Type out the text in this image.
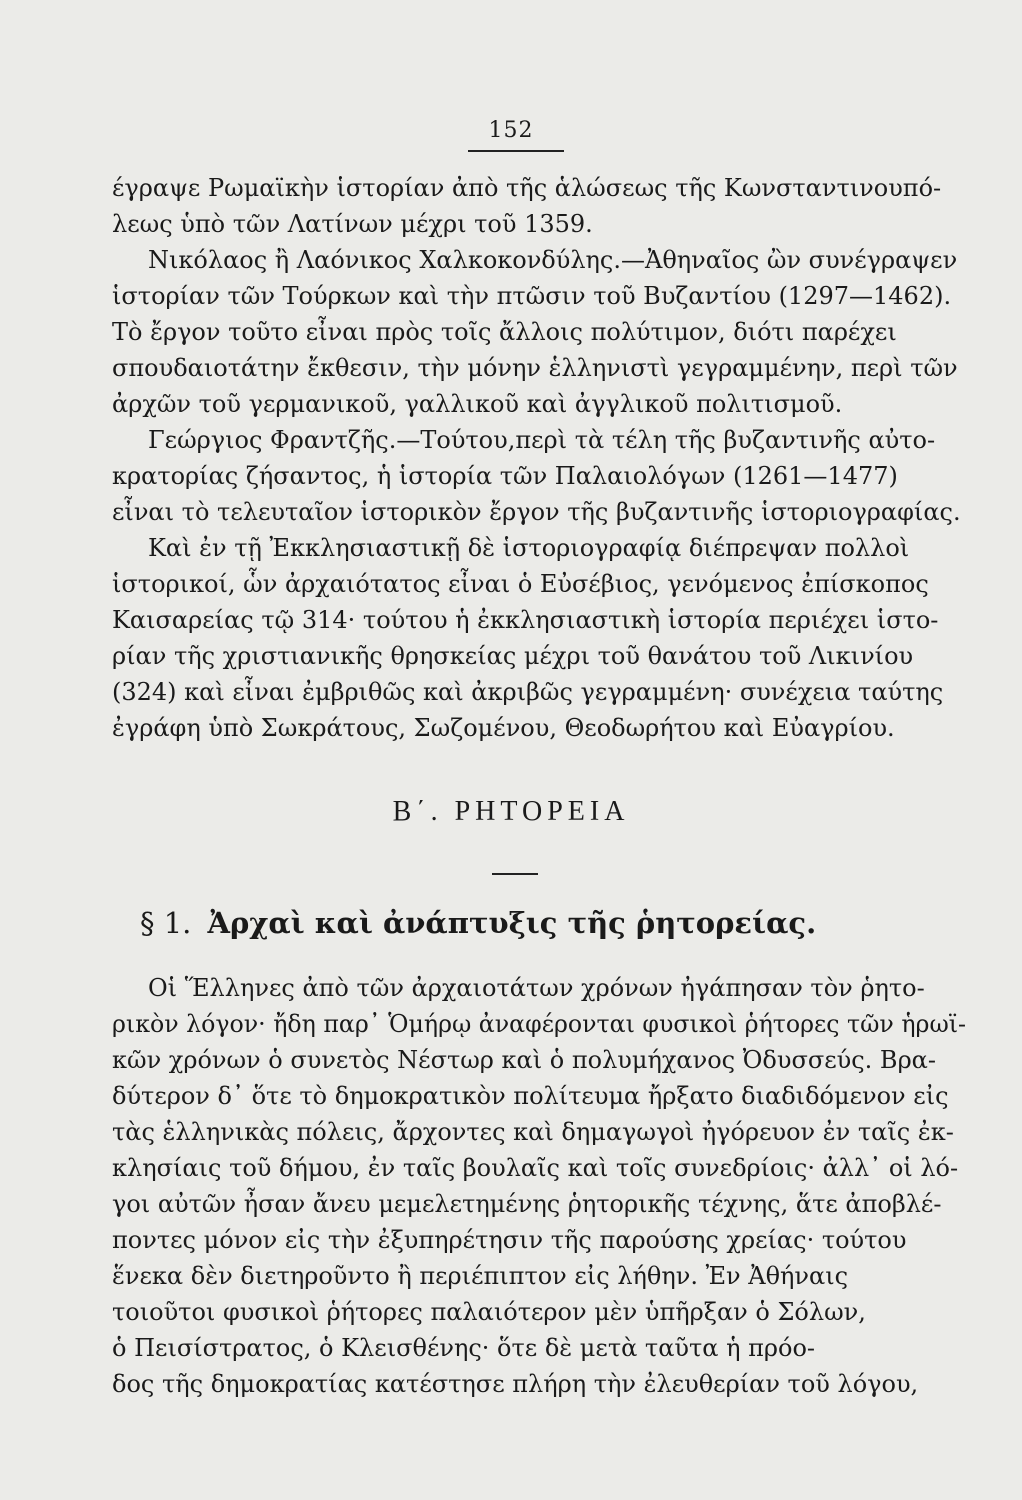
152
έγραψε Ρωμαϊκὴν ἱστορίαν ἀπὸ τῆς ἁλώσεως τῆς Κωνσταντινουπό-
λεως ὑπὸ τῶν Λατίνων μέχρι τοῦ 1359.
Νικόλαος ἢ Λαόνικος Χαλκοκονδύλης.—Ἀθηναῖος ὢν συνέγραψεν
ἱστορίαν τῶν Τούρκων καὶ τὴν πτῶσιν τοῦ Βυζαντίου (1297—1462).
Τὸ ἔργον τοῦτο εἶναι πρὸς τοῖς ἄλλοις πολύτιμον, διότι παρέχει
σπουδαιοτάτην ἔκθεσιν, τὴν μόνην ἑλληνιστὶ γεγραμμένην, περὶ τῶν
ἀρχῶν τοῦ γερμανικοῦ, γαλλικοῦ καὶ ἀγγλικοῦ πολιτισμοῦ.
Γεώργιος Φραντζῆς.—Τούτου,περὶ τὰ τέλη τῆς βυζαντινῆς αὐτο-
κρατορίας ζήσαντος, ἡ ἱστορία τῶν Παλαιολόγων (1261—1477)
εἶναι τὸ τελευταῖον ἱστορικὸν ἔργον τῆς βυζαντινῆς ἱστοριογραφίας.
Καὶ ἐν τῇ Ἐκκλησιαστικῇ δὲ ἱστοριογραφίᾳ διέπρεψαν πολλοὶ
ἱστορικοί, ὧν ἀρχαιότατος εἶναι ὁ Εὐσέβιος, γενόμενος ἐπίσκοπος
Καισαρείας τῷ 314· τούτου ἡ ἐκκλησιαστικὴ ἱστορία περιέχει ἱστο-
ρίαν τῆς χριστιανικῆς θρησκείας μέχρι τοῦ θανάτου τοῦ Λικινίου
(324) καὶ εἶναι ἐμβριθῶς καὶ ἀκριβῶς γεγραμμένη· συνέχεια ταύτης
ἐγράφη ὑπὸ Σωκράτους, Σωζομένου, Θεοδωρήτου καὶ Εὐαγρίου.
Β΄. ΡΗΤΟΡΕΙΑ
§ 1. Ἀρχαὶ καὶ ἀνάπτυξις τῆς ῥητορείας.
Οἱ Ἕλληνες ἀπὸ τῶν ἀρχαιοτάτων χρόνων ἠγάπησαν τὸν ῥητο-
ρικὸν λόγον· ἤδη παρ᾽ Ὁμήρῳ ἀναφέρονται φυσικοὶ ῥήτορες τῶν ἡρωϊ-
κῶν χρόνων ὁ συνετὸς Νέστωρ καὶ ὁ πολυμήχανος Ὀδυσσεύς. Βρα-
δύτερον δ᾽ ὅτε τὸ δημοκρατικὸν πολίτευμα ἤρξατο διαδιδόμενον εἰς
τὰς ἑλληνικὰς πόλεις, ἄρχοντες καὶ δημαγωγοὶ ἠγόρευον ἐν ταῖς ἐκ-
κλησίαις τοῦ δήμου, ἐν ταῖς βουλαῖς καὶ τοῖς συνεδρίοις· ἀλλ᾽ οἱ λό-
γοι αὐτῶν ἦσαν ἄνευ μεμελετημένης ῥητορικῆς τέχνης, ἅτε ἀποβλέ-
ποντες μόνον εἰς τὴν ἐξυπηρέτησιν τῆς παρούσης χρείας· τούτου
ἕνεκα δὲν διετηροῦντο ἢ περιέπιπτον εἰς λήθην. Ἐν Ἀθήναις
τοιοῦτοι φυσικοὶ ῥήτορες παλαιότερον μὲν ὑπῆρξαν ὁ Σόλων,
ὁ Πεισίστρατος, ὁ Κλεισθένης· ὅτε δὲ μετὰ ταῦτα ἡ πρόο-
δος τῆς δημοκρατίας κατέστησε πλήρη τὴν ἐλευθερίαν τοῦ λόγου,
